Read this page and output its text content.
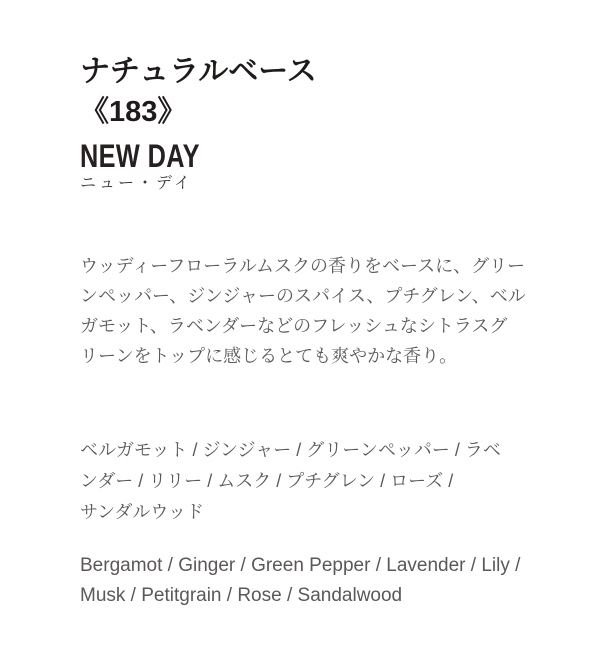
ナチュラルベース
《183》
NEW DAY
ニュー・デイ

ウッディーフローラルムスクの香りをベースに、グリー
ンペッパー、ジンジャーのスパイス、プチグレン、ベル
ガモット、ラベンダーなどのフレッシュなシトラスグ
リーンをトップに感じるとても爽やかな香り。

ベルガモット / ジンジャー / グリーンペッパー / ラベ
ンダー / リリー / ムスク / プチグレン / ローズ /
サンダルウッド
Bergamot / Ginger / Green Pepper / Lavender / Lily /
Musk / Petitgrain / Rose / Sandalwood
